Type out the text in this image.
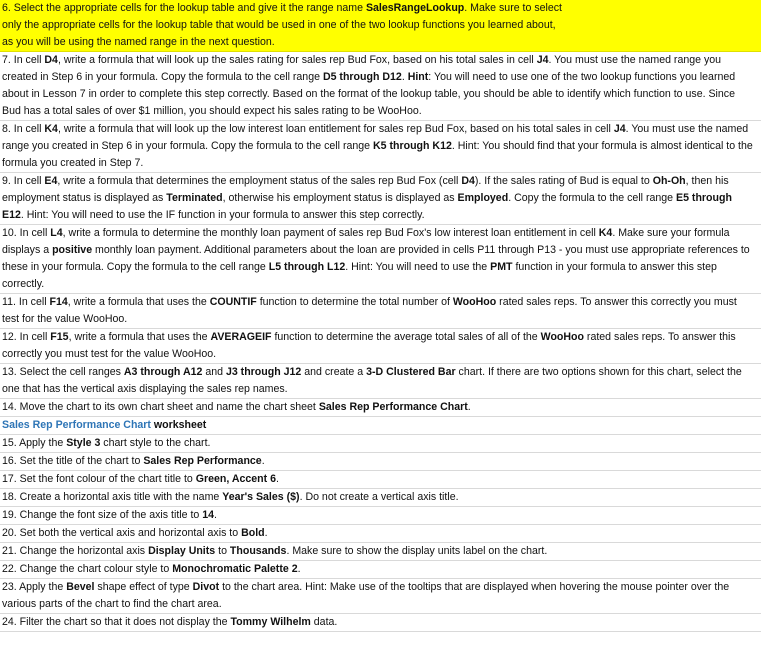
6. Select the appropriate cells for the lookup table and give it the range name SalesRangeLookup. Make sure to select
only the appropriate cells for the lookup table that would be used in one of the two lookup functions you learned about,
as you will be using the named range in the next question.
7. In cell D4, write a formula that will look up the sales rating for sales rep Bud Fox, based on his total sales in cell J4. You must use the named range you created in Step 6 in your formula. Copy the formula to the cell range D5 through D12. Hint: You will need to use one of the two lookup functions you learned about in Lesson 7 in order to complete this step correctly. Based on the format of the lookup table, you should be able to identify which function to use. Since Bud has a total sales of over $1 million, you should expect his sales rating to be WooHoo.
8. In cell K4, write a formula that will look up the low interest loan entitlement for sales rep Bud Fox, based on his total sales in cell J4. You must use the named range you created in Step 6 in your formula. Copy the formula to the cell range K5 through K12. Hint: You should find that your formula is almost identical to the formula you created in Step 7.
9. In cell E4, write a formula that determines the employment status of the sales rep Bud Fox (cell D4). If the sales rating of Bud is equal to Oh-Oh, then his employment status is displayed as Terminated, otherwise his employment status is displayed as Employed. Copy the formula to the cell range E5 through E12. Hint: You will need to use the IF function in your formula to answer this step correctly.
10. In cell L4, write a formula to determine the monthly loan payment of sales rep Bud Fox's low interest loan entitlement in cell K4. Make sure your formula displays a positive monthly loan payment. Additional parameters about the loan are provided in cells P11 through P13 - you must use appropriate references to these in your formula. Copy the formula to the cell range L5 through L12. Hint: You will need to use the PMT function in your formula to answer this step correctly.
11. In cell F14, write a formula that uses the COUNTIF function to determine the total number of WooHoo rated sales reps. To answer this correctly you must test for the value WooHoo.
12. In cell F15, write a formula that uses the AVERAGEIF function to determine the average total sales of all of the WooHoo rated sales reps. To answer this correctly you must test for the value WooHoo.
13. Select the cell ranges A3 through A12 and J3 through J12 and create a 3-D Clustered Bar chart. If there are two options shown for this chart, select the one that has the vertical axis displaying the sales rep names.
14. Move the chart to its own chart sheet and name the chart sheet Sales Rep Performance Chart.
Sales Rep Performance Chart worksheet
15. Apply the Style 3 chart style to the chart.
16. Set the title of the chart to Sales Rep Performance.
17. Set the font colour of the chart title to Green, Accent 6.
18. Create a horizontal axis title with the name Year's Sales ($). Do not create a vertical axis title.
19. Change the font size of the axis title to 14.
20. Set both the vertical axis and horizontal axis to Bold.
21. Change the horizontal axis Display Units to Thousands. Make sure to show the display units label on the chart.
22. Change the chart colour style to Monochromatic Palette 2.
23. Apply the Bevel shape effect of type Divot to the chart area. Hint: Make use of the tooltips that are displayed when hovering the mouse pointer over the various parts of the chart to find the chart area.
24. Filter the chart so that it does not display the Tommy Wilhelm data.
